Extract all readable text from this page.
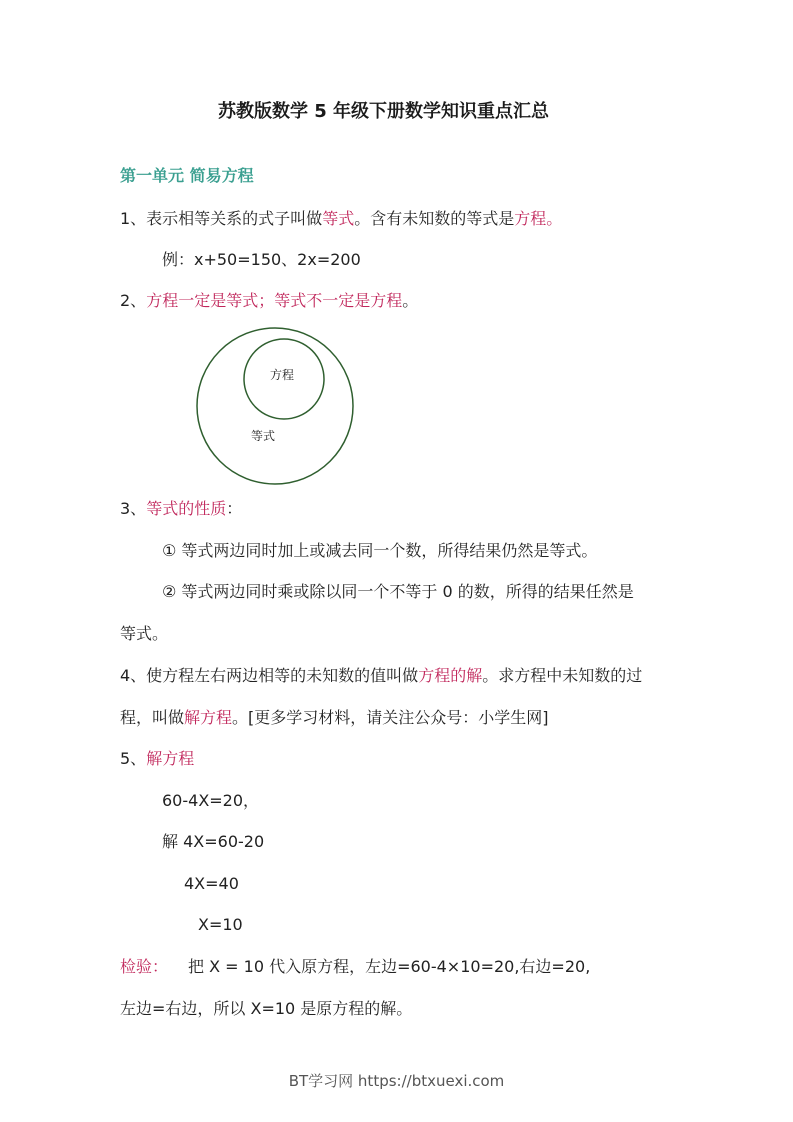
苏教版数学 5 年级下册数学知识重点汇总
第一单元 简易方程
1、表示相等关系的式子叫做等式。含有未知数的等式是方程。
例：x+50=150、2x=200
2、方程一定是等式；等式不一定是方程。
方程
等式
3、等式的性质：
① 等式两边同时加上或减去同一个数，所得结果仍然是等式。
② 等式两边同时乘或除以同一个不等于 0 的数，所得的结果任然是
等式。
4、使方程左右两边相等的未知数的值叫做方程的解。求方程中未知数的过
程，叫做解方程。[更多学习材料，请关注公众号：小学生网]
5、解方程
60-4X=20，
解 4X=60-20
4X=40
X=10
检验： 把 X = 10 代入原方程，左边=60-4×10=20,右边=20,
左边=右边，所以 X=10 是原方程的解。
BT学习网 https://btxuexi.com
